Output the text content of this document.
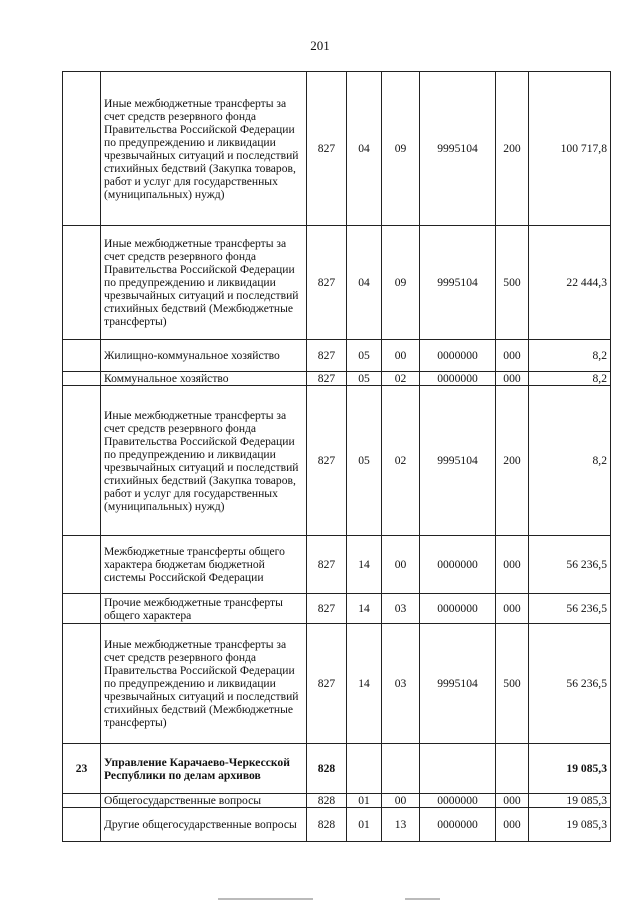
201
	Иные межбюджетные трансферты за счет средств резервного фонда Правительства Российской Федерации по предупреждению и ликвидации чрезвычайных ситуаций и последствий стихийных бедствий (Закупка товаров, работ и услуг для государственных (муниципальных) нужд)	827	04	09	9995104	200	100 717,8
	Иные межбюджетные трансферты за счет средств резервного фонда Правительства Российской Федерации по предупреждению и ликвидации чрезвычайных ситуаций и последствий стихийных бедствий (Межбюджетные трансферты)	827	04	09	9995104	500	22 444,3
	Жилищно-коммунальное хозяйство	827	05	00	0000000	000	8,2
	Коммунальное хозяйство	827	05	02	0000000	000	8,2
	Иные межбюджетные трансферты за счет средств резервного фонда Правительства Российской Федерации по предупреждению и ликвидации чрезвычайных ситуаций и последствий стихийных бедствий (Закупка товаров, работ и услуг для государственных (муниципальных) нужд)	827	05	02	9995104	200	8,2
	Межбюджетные трансферты общего характера бюджетам бюджетной системы Российской Федерации	827	14	00	0000000	000	56 236,5
	Прочие межбюджетные трансферты общего характера	827	14	03	0000000	000	56 236,5
	Иные межбюджетные трансферты за счет средств резервного фонда Правительства Российской Федерации по предупреждению и ликвидации чрезвычайных ситуаций и последствий стихийных бедствий (Межбюджетные трансферты)	827	14	03	9995104	500	56 236,5
23	Управление Карачаево-Черкесской Республики по делам архивов	828					19 085,3
	Общегосударственные вопросы	828	01	00	0000000	000	19 085,3
	Другие общегосударственные вопросы	828	01	13	0000000	000	19 085,3
